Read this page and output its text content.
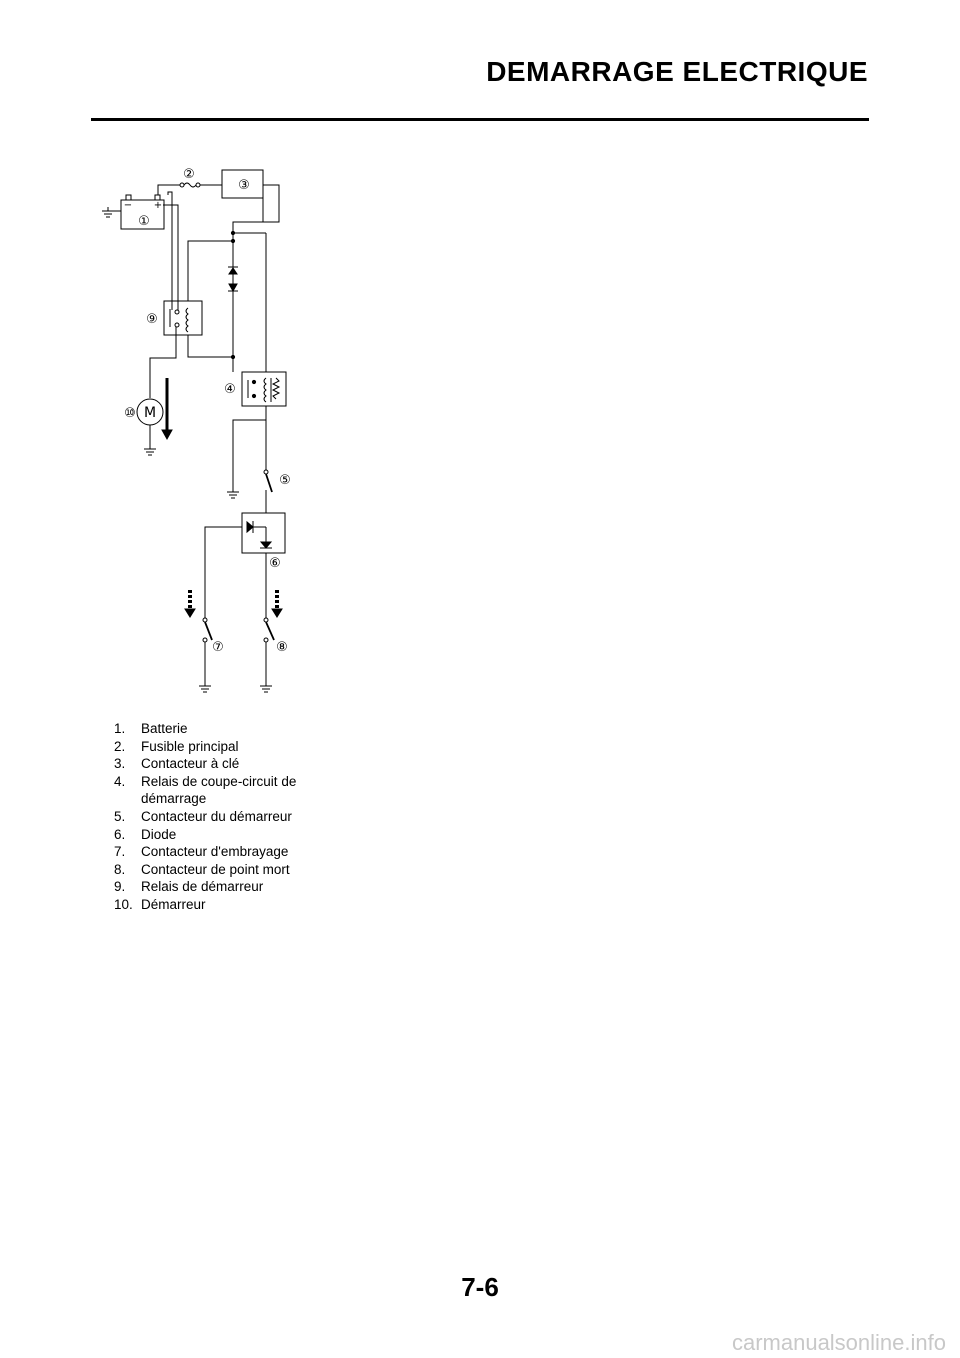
DEMARRAGE ELECTRIQUE
− +
M
①
②
③
④
⑤
⑥
⑦	⑧
⑨
⑩
1. Batterie
2. Fusible principal
3. Contacteur à clé
4. Relais de coupe-circuit de démarrage
5. Contacteur du démarreur
6. Diode
7. Contacteur d'embrayage
8. Contacteur de point mort
9. Relais de démarreur
10. Démarreur
7-6
carmanualsonline.info
